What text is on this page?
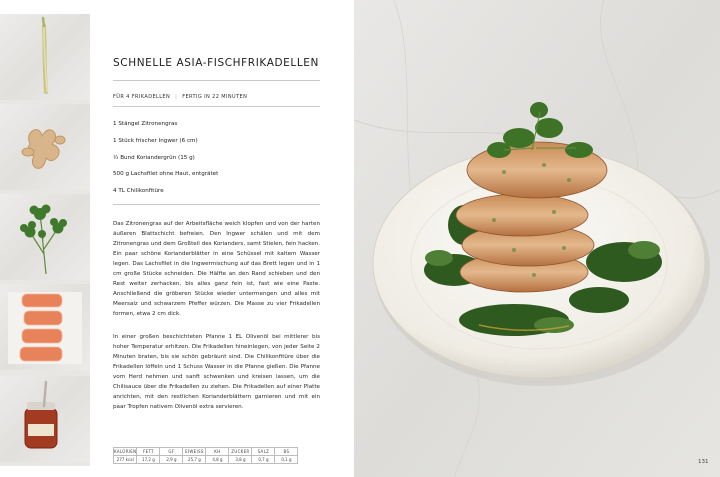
SCHNELLE ASIA-FISCHFRIKADELLEN
FÜR 4 FRIKADELLEN | FERTIG IN 22 MINUTEN
1 Stängel Zitronengras
1 Stück frischer Ingwer (6 cm)
½ Bund Koriandergrün (15 g)
500 g Lachsfilet ohne Haut, entgrätet
4 TL Chilikonfitüre

Das Zitronengras auf der Arbeitsfläche weich klopfen und von der harten äußeren Blattschicht befreien. Den Ingwer schälen und mit dem Zitronengras und dem Großteil des Korianders, samt Stielen, fein hacken. Ein paar schöne Korianderblätter in eine Schüssel mit kaltem Wasser legen. Das Lachsfilet in die Ingwermischung auf das Brett legen und in 1 cm große Stücke schneiden. Die Hälfte an den Rand schieben und den Rest weiter zerhacken, bis alles ganz fein ist, fast wie eine Paste. Anschließend die gröberen Stücke wieder untermengen und alles mit Meersalz und schwarzem Pfeffer würzen. Die Masse zu vier Frikadellen formen, etwa 2 cm dick.

In einer großen beschichteten Pfanne 1 EL Olivenöl bei mittlerer bis hoher Temperatur erhitzen. Die Frikadellen hineinlegen, von jeder Seite 2 Minuten braten, bis sie schön gebräunt sind. Die Chilikonfitüre über die Frikadellen löffeln und 1 Schuss Wasser in die Pfanne gießen. Die Pfanne vom Herd nehmen und sanft schwenken und kreisen lassen, um die Chilisauce über die Frikadellen zu ziehen. Die Frikadellen auf einer Platte anrichten, mit den restlichen Korianderblättern garnieren und mit ein paar Tropfen nativem Olivenöl extra servieren.

KALORIEN	FETT	GF	EIWEISS	KH	ZUCKER	SALZ	BS
277 kcal	17,2 g	2,9 g	25,7 g	4,8 g	3,8 g	0,7 g	0,1 g	131
